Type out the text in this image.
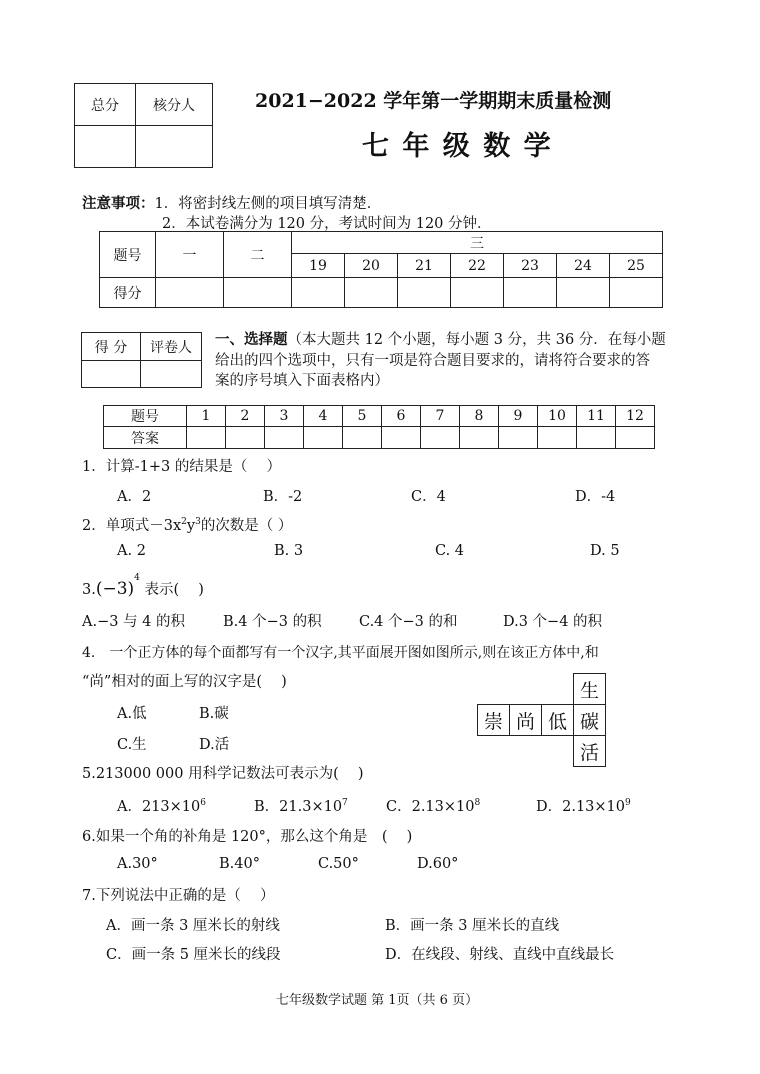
总分	核分人
		2021−2022 学年第一学期期末质量检测
七 年 级 数 学
注意事项：1．将密封线左侧的项目填写清楚．
2．本试卷满分为 120 分，考试时间为 120 分钟．
题号	一	二	三						
			19	20	21	22	23	24	25
得分									
得 分	评卷人
	一、选择题（本大题共 12 个小题，每小题 3 分，共 36 分．在每小题
给出的四个选项中，只有一项是符合题目要求的，请将符合要求的答
案的序号填入下面表格内）
题号	1	2	3	4	5	6	7	8	9	10	11	12
答案												
1．计算-1+3 的结果是（　 ）
A．2	B．-2	C．4	D．-4
2．单项式$-3x^2y^3$的次数是（ ）
A. 2	B. 3	C. 4	D. 5
$3.(-3)^4$ 表示(　 )
A.−3 与 4 的积	B.4 个−3 的积	C.4 个−3 的和	D.3 个−4 的积
4.　一个正方体的每个面都写有一个汉字,其平面展开图如图所示,则在该正方体中,和
“尚”相对的面上写的汉字是(　 )
A.低	B.碳
C.生	D.活
			生
崇	尚	低	碳
			活
5.213000 000 用科学记数法可表示为(　 )
A．$213\times 10^6$	B．$21.3\times 10^7$	C．$2.13\times 10^8$	D．$2.13\times 10^9$
6.如果一个角的补角是 120°，那么这个角是　(　 )
A.30°	B.40°	C.50°	D.60°
7.下列说法中正确的是（　 ）
A．画一条 3 厘米长的射线	B．画一条 3 厘米长的直线
C．画一条 5 厘米长的线段	D．在线段、射线、直线中直线最长
七年级数学试题 第 1页（共 6 页）
